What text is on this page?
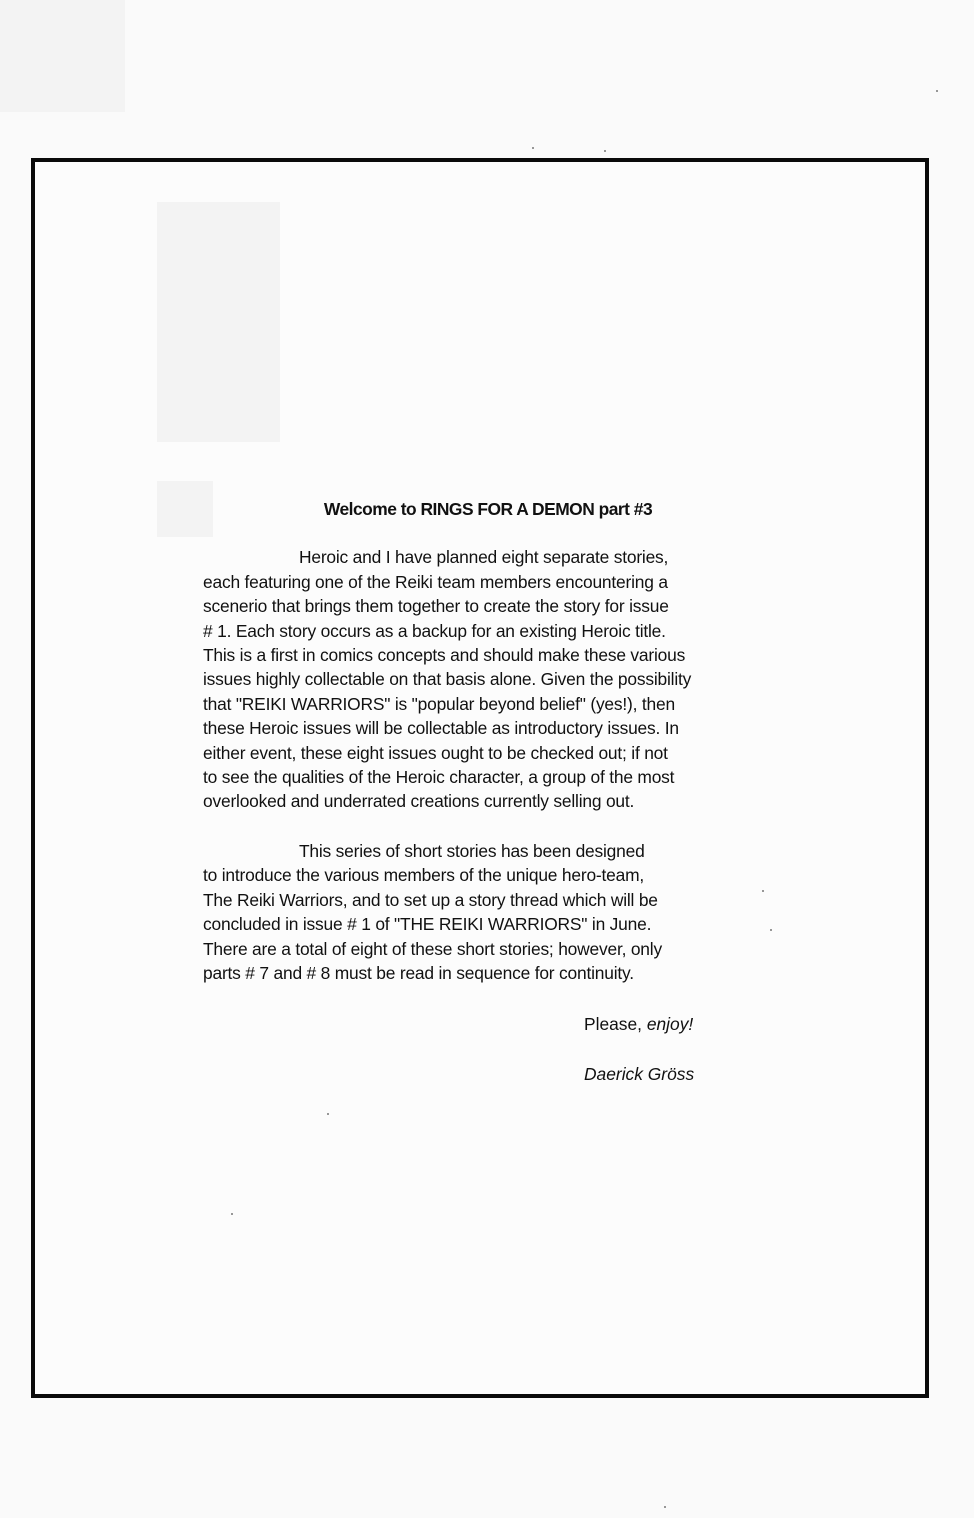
Welcome to RINGS FOR A DEMON part #3

Heroic and I have planned eight separate stories,
each featuring one of the Reiki team members encountering a
scenerio that brings them together to create the story for issue
# 1. Each story occurs as a backup for an existing Heroic title.
This is a first in comics concepts and should make these various
issues highly collectable on that basis alone. Given the possibility
that "REIKI WARRIORS" is "popular beyond belief" (yes!), then
these Heroic issues will be collectable as introductory issues. In
either event, these eight issues ought to be checked out; if not
to see the qualities of the Heroic character, a group of the most
overlooked and underrated creations currently selling out.

This series of short stories has been designed
to introduce the various members of the unique hero-team,
The Reiki Warriors, and to set up a story thread which will be
concluded in issue # 1 of "THE REIKI WARRIORS" in June.
There are a total of eight of these short stories; however, only
parts # 7 and # 8 must be read in sequence for continuity.

Please, enjoy!
Daerick Gröss
